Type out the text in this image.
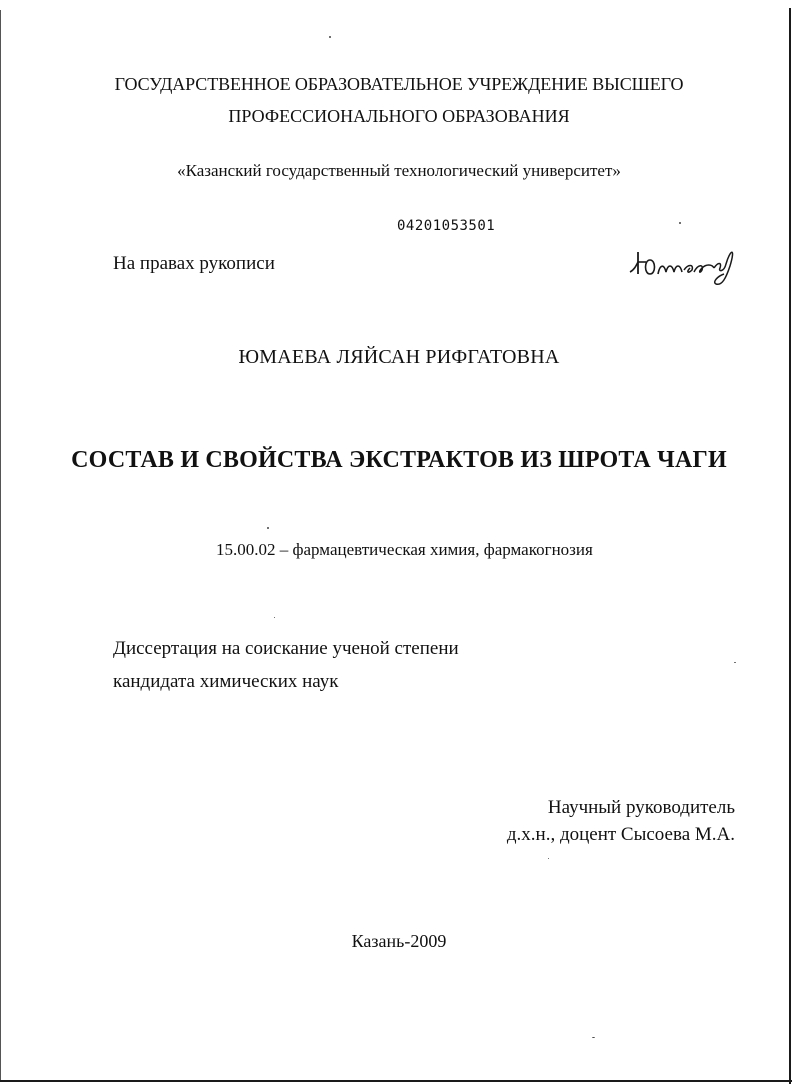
ГОСУДАРСТВЕННОЕ ОБРАЗОВАТЕЛЬНОЕ УЧРЕЖДЕНИЕ ВЫСШЕГО

ПРОФЕССИОНАЛЬНОГО ОБРАЗОВАНИЯ

«Казанский государственный технологический университет»

04201053501

На правах рукописи

ЮМАЕВА ЛЯЙСАН РИФГАТОВНА

СОСТАВ И СВОЙСТВА ЭКСТРАКТОВ ИЗ ШРОТА ЧАГИ

15.00.02 – фармацевтическая химия, фармакогнозия

Диссертация на соискание ученой степени

кандидата химических наук

Научный руководитель

д.х.н., доцент Сысоева М.А.

Казань-2009
